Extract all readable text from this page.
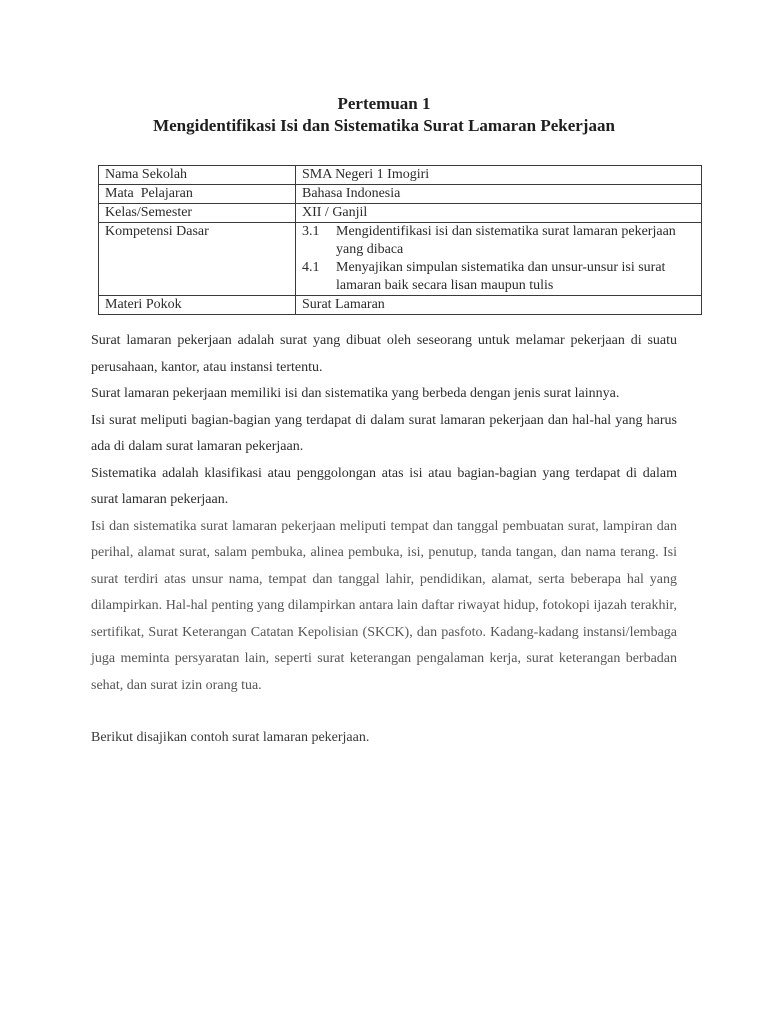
Pertemuan 1
Mengidentifikasi Isi dan Sistematika Surat Lamaran Pekerjaan
Nama Sekolah	SMA Negeri 1 Imogiri
Mata  Pelajaran	Bahasa Indonesia
Kelas/Semester	XII / Ganjil
Kompetensi Dasar	3.1 Mengidentifikasi isi dan sistematika surat lamaran pekerjaan yang dibaca
4.1 Menyajikan simpulan sistematika dan unsur-unsur isi surat lamaran baik secara lisan maupun tulis

Materi Pokok	Surat Lamaran

Surat lamaran pekerjaan adalah surat yang dibuat oleh seseorang untuk melamar pekerjaan di suatu perusahaan, kantor, atau instansi tertentu.

Surat lamaran pekerjaan memiliki isi dan sistematika yang berbeda dengan jenis surat lainnya.

Isi surat meliputi bagian-bagian yang terdapat di dalam surat lamaran pekerjaan dan hal-hal yang harus ada di dalam surat lamaran pekerjaan.

Sistematika adalah klasifikasi atau penggolongan atas isi atau bagian-bagian yang terdapat di dalam surat lamaran pekerjaan.

Isi dan sistematika surat lamaran pekerjaan meliputi tempat dan tanggal pembuatan surat, lampiran dan perihal, alamat surat, salam pembuka, alinea pembuka, isi, penutup, tanda tangan, dan nama terang. Isi surat terdiri atas unsur nama, tempat dan tanggal lahir, pendidikan, alamat, serta beberapa hal yang dilampirkan. Hal-hal penting yang dilampirkan antara lain daftar riwayat hidup, fotokopi ijazah terakhir, sertifikat, Surat Keterangan Catatan Kepolisian (SKCK), dan pasfoto. Kadang-kadang instansi/lembaga juga meminta persyaratan lain, seperti surat keterangan pengalaman kerja, surat keterangan berbadan sehat, dan surat izin orang tua.

Berikut disajikan contoh surat lamaran pekerjaan.
